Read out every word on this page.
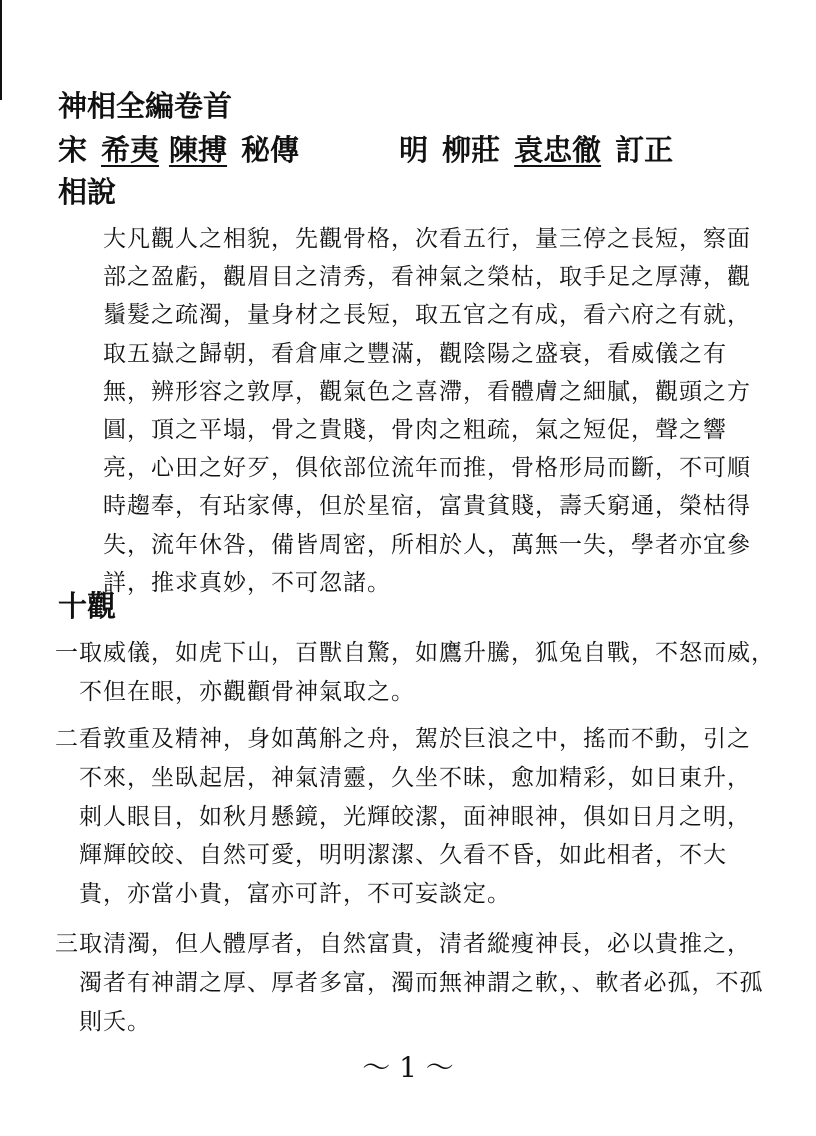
神相全編卷首
宋 希夷 陳搏 秘傳	明 柳莊 袁忠徹 訂正
相說
大凡觀人之相貌，先觀骨格，次看五行，量三停之長短，察面部之盈虧，觀眉目之清秀，看神氣之榮枯，取手足之厚薄，觀鬚髮之疏濁，量身材之長短，取五官之有成，看六府之有就，取五嶽之歸朝，看倉庫之豐滿，觀陰陽之盛衰，看威儀之有無，辨形容之敦厚，觀氣色之喜滯，看體膚之細膩，觀頭之方圓，頂之平塌，骨之貴賤，骨肉之粗疏，氣之短促，聲之響亮，心田之好歹，俱依部位流年而推，骨格形局而斷，不可順時趨奉，有玷家傳，但於星宿，富貴貧賤，壽夭窮通，榮枯得失，流年休咎，備皆周密，所相於人，萬無一失，學者亦宜參詳，推求真妙，不可忽諸。
十觀
一取威儀，如虎下山，百獸自驚，如鷹升騰，狐兔自戰，不怒而威，
不但在眼，亦觀顴骨神氣取之。
二看敦重及精神，身如萬斛之舟，駕於巨浪之中，搖而不動，引之
不來，坐臥起居，神氣清靈，久坐不昧，愈加精彩，如日東升，刺人眼目，如秋月懸鏡，光輝皎潔，面神眼神，俱如日月之明，輝輝皎皎、自然可愛，明明潔潔、久看不昏，如此相者，不大貴，亦當小貴，富亦可許，不可妄談定。
三取清濁，但人體厚者，自然富貴，清者縱瘦神長，必以貴推之，
濁者有神謂之厚、厚者多富，濁而無神謂之軟，、軟者必孤，不孤則夭。
～ 1 ～
